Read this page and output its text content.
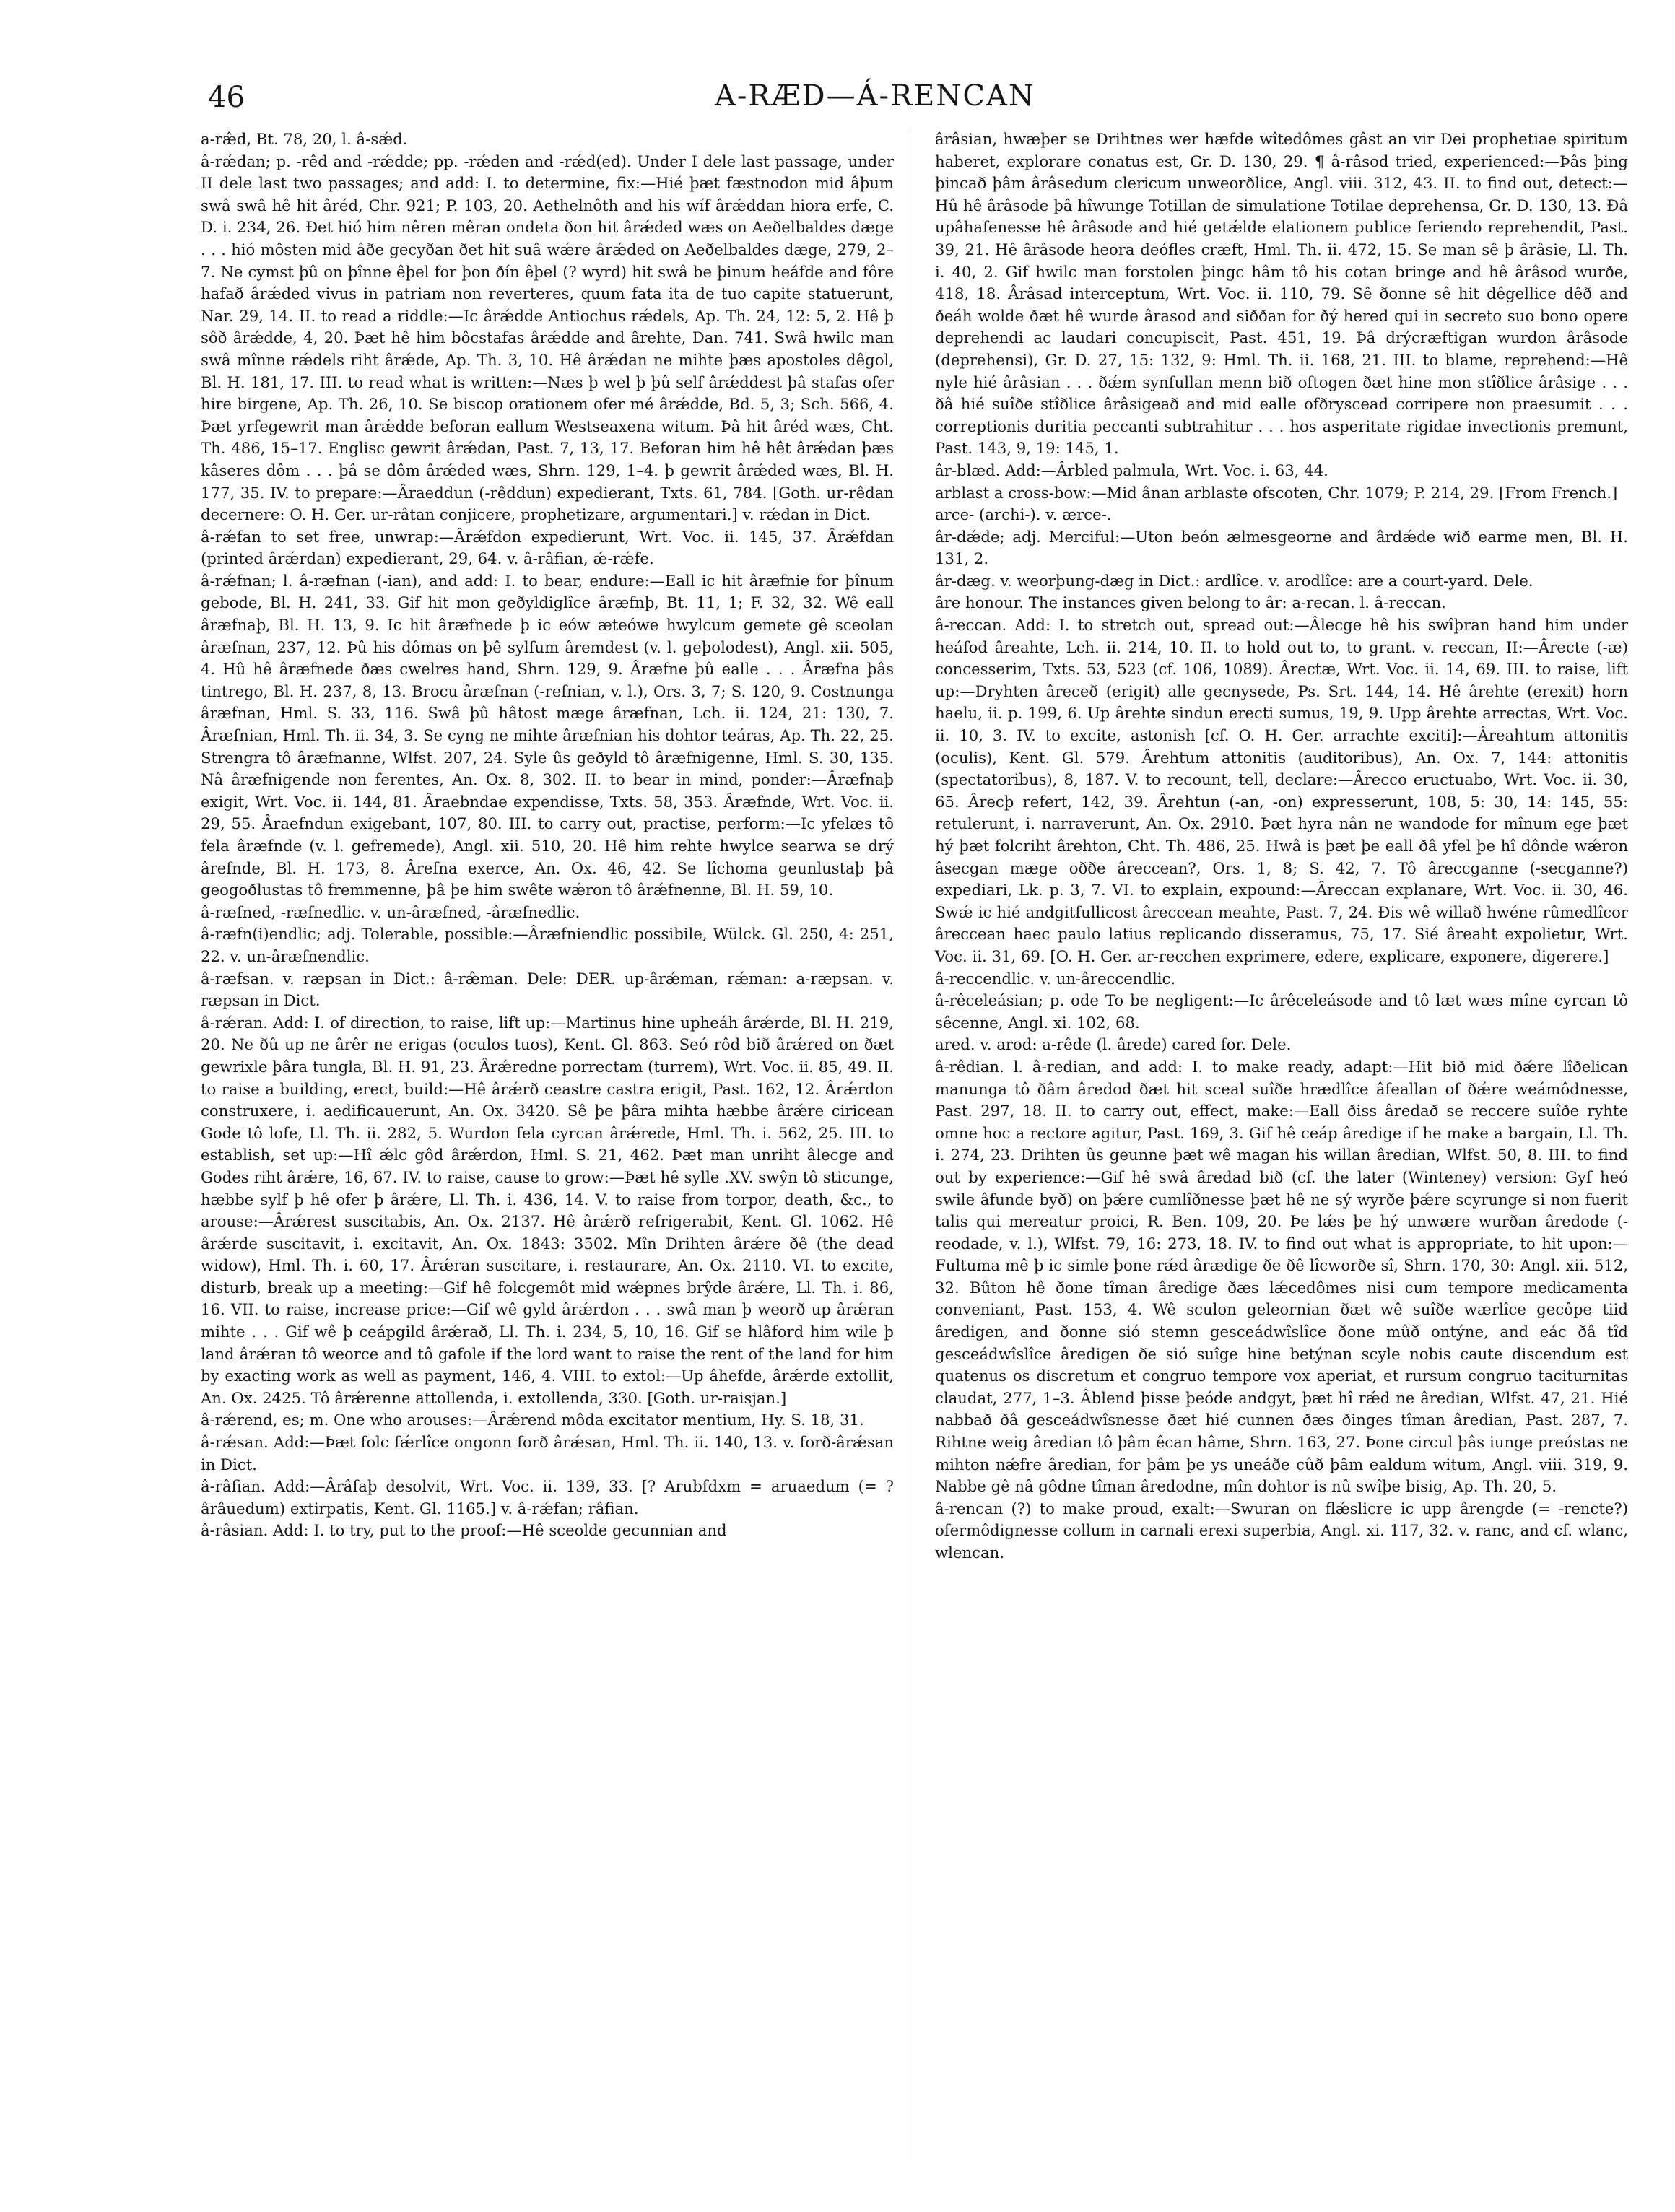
46	A-RÆD—Á-RENCAN

a-ræ̂d, Bt. 78, 20, l. â-sǽd.

â-rǽdan; p. -rêd and -rǽdde; pp. -rǽden and -rǽd(ed). Under I dele last passage, under II dele last two passages; and add: I. to determine, fix:—Hié þæt fæstnodon mid âþum swâ swâ hê hit âréd, Chr. 921; P. 103, 20. Aethelnôth and his wíf ârǽddan hiora erfe, C. D. i. 234, 26. Ðet hió him nêren mêran ondeta ðon hit ârǽded wæs on Aeðelbaldes dæge . . . hió môsten mid âðe gecyðan ðet hit suâ wǽre ârǽded on Aeðelbaldes dæge, 279, 2–7. Ne cymst þû on þînne êþel for þon ðín êþel (? wyrd) hit swâ be þinum heáfde and fôre hafað ârǽded vivus in patriam non reverteres, quum fata ita de tuo capite statuerunt, Nar. 29, 14. II. to read a riddle:—Ic ârǽdde Antiochus rǽdels, Ap. Th. 24, 12: 5, 2. Hê þ sôð ârǽdde, 4, 20. Þæt hê him bôcstafas ârǽdde and ârehte, Dan. 741. Swâ hwilc man swâ mînne rǽdels riht ârǽde, Ap. Th. 3, 10. Hê ârǽdan ne mihte þæs apostoles dêgol, Bl. H. 181, 17. III. to read what is written:—Næs þ wel þ þû self ârǽddest þâ stafas ofer hire birgene, Ap. Th. 26, 10. Se biscop orationem ofer mé ârǽdde, Bd. 5, 3; Sch. 566, 4. Þæt yrfegewrit man ârǽdde beforan eallum Westseaxena witum. Þâ hit âréd wæs, Cht. Th. 486, 15–17. Englisc gewrit ârǽdan, Past. 7, 13, 17. Beforan him hê hêt ârǽdan þæs kâseres dôm . . . þâ se dôm ârǽded wæs, Shrn. 129, 1–4. þ gewrit ârǽded wæs, Bl. H. 177, 35. IV. to prepare:—Âraeddun (-rêddun) expedierant, Txts. 61, 784. [Goth. ur-rêdan decernere: O. H. Ger. ur-râtan conjicere, prophetizare, argumentari.] v. rǽdan in Dict.

â-rǽfan to set free, unwrap:—Ârǽfdon expedierunt, Wrt. Voc. ii. 145, 37. Ârǽfdan (printed ârǽrdan) expedierant, 29, 64. v. â-râfian, ǽ-rǽfe.

â-rǽfnan; l. â-ræfnan (-ian), and add: I. to bear, endure:—Eall ic hit âræfnie for þînum gebode, Bl. H. 241, 33. Gif hit mon geðyldiglîce âræfnþ, Bt. 11, 1; F. 32, 32. Wê eall âræfnaþ, Bl. H. 13, 9. Ic hit âræfnede þ ic eów æteówe hwylcum gemete gê sceolan âræfnan, 237, 12. Þû his dômas on þê sylfum âremdest (v. l. geþolodest), Angl. xii. 505, 4. Hû hê âræfnede ðæs cwelres hand, Shrn. 129, 9. Âræfne þû ealle . . . Âræfna þâs tintrego, Bl. H. 237, 8, 13. Brocu âræfnan (-refnian, v. l.), Ors. 3, 7; S. 120, 9. Costnunga âræfnan, Hml. S. 33, 116. Swâ þû hâtost mæge âræfnan, Lch. ii. 124, 21: 130, 7. Âræfnian, Hml. Th. ii. 34, 3. Se cyng ne mihte âræfnian his dohtor teáras, Ap. Th. 22, 25. Strengra tô âræfnanne, Wlfst. 207, 24. Syle ûs geðyld tô âræfnigenne, Hml. S. 30, 135. Nâ âræfnigende non ferentes, An. Ox. 8, 302. II. to bear in mind, ponder:—Âræfnaþ exigit, Wrt. Voc. ii. 144, 81. Âraebndae expendisse, Txts. 58, 353. Âræfnde, Wrt. Voc. ii. 29, 55. Âraefndun exigebant, 107, 80. III. to carry out, practise, perform:—Ic yfelæs tô fela âræfnde (v. l. gefremede), Angl. xii. 510, 20. Hê him rehte hwylce searwa se drý ârefnde, Bl. H. 173, 8. Ârefna exerce, An. Ox. 46, 42. Se lîchoma geunlustaþ þâ geogoðlustas tô fremmenne, þâ þe him swête wǽron tô ârǽfnenne, Bl. H. 59, 10.

â-ræfned, -ræfnedlic. v. un-âræfned, -âræfnedlic.

â-ræfn(i)endlic; adj. Tolerable, possible:—Âræfniendlic possibile, Wülck. Gl. 250, 4: 251, 22. v. un-âræfnendlic.

â-ræfsan. v. ræpsan in Dict.: â-ræ̂man. Dele: DER. up-ârǽman, rǽman: a-ræpsan. v. ræpsan in Dict.

â-rǽran. Add: I. of direction, to raise, lift up:—Martinus hine upheáh ârǽrde, Bl. H. 219, 20. Ne ðû up ne ârêr ne erigas (oculos tuos), Kent. Gl. 863. Seó rôd bið ârǽred on ðæt gewrixle þâra tungla, Bl. H. 91, 23. Ârǽredne porrectam (turrem), Wrt. Voc. ii. 85, 49. II. to raise a building, erect, build:—Hê ârǽrð ceastre castra erigit, Past. 162, 12. Ârǽrdon construxere, i. aedificauerunt, An. Ox. 3420. Sê þe þâra mihta hæbbe ârǽre ciricean Gode tô lofe, Ll. Th. ii. 282, 5. Wurdon fela cyrcan ârǽrede, Hml. Th. i. 562, 25. III. to establish, set up:—Hî ǽlc gôd ârǽrdon, Hml. S. 21, 462. Þæt man unriht âlecge and Godes riht ârǽre, 16, 67. IV. to raise, cause to grow:—Þæt hê sylle .XV. swŷn tô sticunge, hæbbe sylf þ hê ofer þ ârǽre, Ll. Th. i. 436, 14. V. to raise from torpor, death, &c., to arouse:—Ârǽrest suscitabis, An. Ox. 2137. Hê ârǽrð refrigerabit, Kent. Gl. 1062. Hê ârǽrde suscitavit, i. excitavit, An. Ox. 1843: 3502. Mîn Drihten ârǽre ðê (the dead widow), Hml. Th. i. 60, 17. Ârǽran suscitare, i. restaurare, An. Ox. 2110. VI. to excite, disturb, break up a meeting:—Gif hê folcgemôt mid wǽpnes brŷde ârǽre, Ll. Th. i. 86, 16. VII. to raise, increase price:—Gif wê gyld ârǽrdon . . . swâ man þ weorð up ârǽran mihte . . . Gif wê þ ceápgild ârǽrað, Ll. Th. i. 234, 5, 10, 16. Gif se hlâford him wile þ land ârǽran tô weorce and tô gafole if the lord want to raise the rent of the land for him by exacting work as well as payment, 146, 4. VIII. to extol:—Up âhefde, ârǽrde extollit, An. Ox. 2425. Tô ârǽrenne attollenda, i. extollenda, 330. [Goth. ur-raisjan.]

â-rǽrend, es; m. One who arouses:—Ârǽrend môda excitator mentium, Hy. S. 18, 31.

â-rǽsan. Add:—Þæt folc fǽrlîce ongonn forð ârǽsan, Hml. Th. ii. 140, 13. v. forð-ârǽsan in Dict.

â-râfian. Add:—Ârâfaþ desolvit, Wrt. Voc. ii. 139, 33. [? Arubfdxm = aruaedum (= ? ârâuedum) extirpatis, Kent. Gl. 1165.] v. â-rǽfan; râfian.

â-râsian. Add: I. to try, put to the proof:—Hê sceolde gecunnian and

ârâsian, hwæþer se Drihtnes wer hæfde wîtedômes gâst an vir Dei prophetiae spiritum haberet, explorare conatus est, Gr. D. 130, 29. ¶ â-râsod tried, experienced:—Þâs þing þincað þâm ârâsedum clericum unweorðlice, Angl. viii. 312, 43. II. to find out, detect:—Hû hê ârâsode þâ hîwunge Totillan de simulatione Totilae deprehensa, Gr. D. 130, 13. Ðâ upâhafenesse hê ârâsode and hié getǽlde elationem publice feriendo reprehendit, Past. 39, 21. Hê ârâsode heora deófles cræft, Hml. Th. ii. 472, 15. Se man sê þ ârâsie, Ll. Th. i. 40, 2. Gif hwilc man forstolen þingc hâm tô his cotan bringe and hê ârâsod wurðe, 418, 18. Ârâsad interceptum, Wrt. Voc. ii. 110, 79. Sê ðonne sê hit dêgellice dêð and ðeáh wolde ðæt hê wurde ârasod and siððan for ðý hered qui in secreto suo bono opere deprehendi ac laudari concupiscit, Past. 451, 19. Þâ drýcræftigan wurdon ârâsode (deprehensi), Gr. D. 27, 15: 132, 9: Hml. Th. ii. 168, 21. III. to blame, reprehend:—Hê nyle hié ârâsian . . . ðǽm synfullan menn bið oftogen ðæt hine mon stîðlice ârâsige . . . ðâ hié suîðe stîðlice ârâsigeað and mid ealle ofðryscead corripere non praesumit . . . correptionis duritia peccanti subtrahitur . . . hos asperitate rigidae invectionis premunt, Past. 143, 9, 19: 145, 1.

âr-blæd. Add:—Ârbled palmula, Wrt. Voc. i. 63, 44.

arblast a cross-bow:—Mid ânan arblaste ofscoten, Chr. 1079; P. 214, 29. [From French.]

arce- (archi-). v. ærce-.

âr-dǽde; adj. Merciful:—Uton beón ælmesgeorne and ârdǽde wið earme men, Bl. H. 131, 2.

âr-dæg. v. weorþung-dæg in Dict.: ardlîce. v. arodlîce: are a court-yard. Dele.

âre honour. The instances given belong to âr: a-recan. l. â-reccan.

â-reccan. Add: I. to stretch out, spread out:—Âlecge hê his swîþran hand him under heáfod âreahte, Lch. ii. 214, 10. II. to hold out to, to grant. v. reccan, II:—Ârecte (-æ) concesserim, Txts. 53, 523 (cf. 106, 1089). Ârectæ, Wrt. Voc. ii. 14, 69. III. to raise, lift up:—Dryhten âreceð (erigit) alle gecnysede, Ps. Srt. 144, 14. Hê ârehte (erexit) horn haelu, ii. p. 199, 6. Up ârehte sindun erecti sumus, 19, 9. Upp ârehte arrectas, Wrt. Voc. ii. 10, 3. IV. to excite, astonish [cf. O. H. Ger. arrachte exciti]:—Âreahtum attonitis (oculis), Kent. Gl. 579. Ârehtum attonitis (auditoribus), An. Ox. 7, 144: attonitis (spectatoribus), 8, 187. V. to recount, tell, declare:—Ârecco eructuabo, Wrt. Voc. ii. 30, 65. Ârecþ refert, 142, 39. Ârehtun (-an, -on) expresserunt, 108, 5: 30, 14: 145, 55: retulerunt, i. narraverunt, An. Ox. 2910. Þæt hyra nân ne wandode for mînum ege þæt hý þæt folcriht ârehton, Cht. Th. 486, 25. Hwâ is þæt þe eall ðâ yfel þe hî dônde wǽron âsecgan mæge oððe âreccean?, Ors. 1, 8; S. 42, 7. Tô âreccganne (-secganne?) expediari, Lk. p. 3, 7. VI. to explain, expound:—Âreccan explanare, Wrt. Voc. ii. 30, 46. Swǽ ic hié andgitfullicost âreccean meahte, Past. 7, 24. Ðis wê willað hwéne rûmedlîcor âreccean haec paulo latius replicando disseramus, 75, 17. Sié âreaht expolietur, Wrt. Voc. ii. 31, 69. [O. H. Ger. ar-recchen exprimere, edere, explicare, exponere, digerere.]

â-reccendlic. v. un-âreccendlic.

â-rêceleásian; p. ode To be negligent:—Ic ârêceleásode and tô læt wæs mîne cyrcan tô sêcenne, Angl. xi. 102, 68.

ared. v. arod: a-rêde (l. ârede) cared for. Dele.

â-rêdian. l. â-redian, and add: I. to make ready, adapt:—Hit bið mid ðǽre lîðelican manunga tô ðâm âredod ðæt hit sceal suîðe hrædlîce âfeallan of ðǽre weámôdnesse, Past. 297, 18. II. to carry out, effect, make:—Eall ðiss âredað se reccere suîðe ryhte omne hoc a rectore agitur, Past. 169, 3. Gif hê ceáp âredige if he make a bargain, Ll. Th. i. 274, 23. Drihten ûs geunne þæt wê magan his willan âredian, Wlfst. 50, 8. III. to find out by experience:—Gif hê swâ âredad bið (cf. the later (Winteney) version: Gyf heó swile âfunde byð) on þǽre cumlîðnesse þæt hê ne sý wyrðe þǽre scyrunge si non fuerit talis qui mereatur proici, R. Ben. 109, 20. Þe lǽs þe hý unwære wurðan âredode (-reodade, v. l.), Wlfst. 79, 16: 273, 18. IV. to find out what is appropriate, to hit upon:—Fultuma mê þ ic simle þone rǽd ârædige ðe ðê lîcworðe sî, Shrn. 170, 30: Angl. xii. 512, 32. Bûton hê ðone tîman âredige ðæs lǽcedômes nisi cum tempore medicamenta conveniant, Past. 153, 4. Wê sculon geleornian ðæt wê suîðe wærlîce gecôpe tiid âredigen, and ðonne sió stemn gesceádwîslîce ðone mûð ontýne, and eác ðâ tîd gesceádwîslîce âredigen ðe sió suîge hine betýnan scyle nobis caute discendum est quatenus os discretum et congruo tempore vox aperiat, et rursum congruo taciturnitas claudat, 277, 1–3. Âblend þisse þeóde andgyt, þæt hî rǽd ne âredian, Wlfst. 47, 21. Hié nabbað ðâ gesceádwîsnesse ðæt hié cunnen ðæs ðinges tîman âredian, Past. 287, 7. Rihtne weig âredian tô þâm êcan hâme, Shrn. 163, 27. Þone circul þâs iunge preóstas ne mihton nǽfre âredian, for þâm þe ys uneáðe cûð þâm ealdum witum, Angl. viii. 319, 9. Nabbe gê nâ gôdne tîman âredodne, mîn dohtor is nû swîþe bisig, Ap. Th. 20, 5.

â-rencan (?) to make proud, exalt:—Swuran on flǽslicre ic upp ârengde (= -rencte?) ofermôdignesse collum in carnali erexi superbia, Angl. xi. 117, 32. v. ranc, and cf. wlanc, wlencan.
